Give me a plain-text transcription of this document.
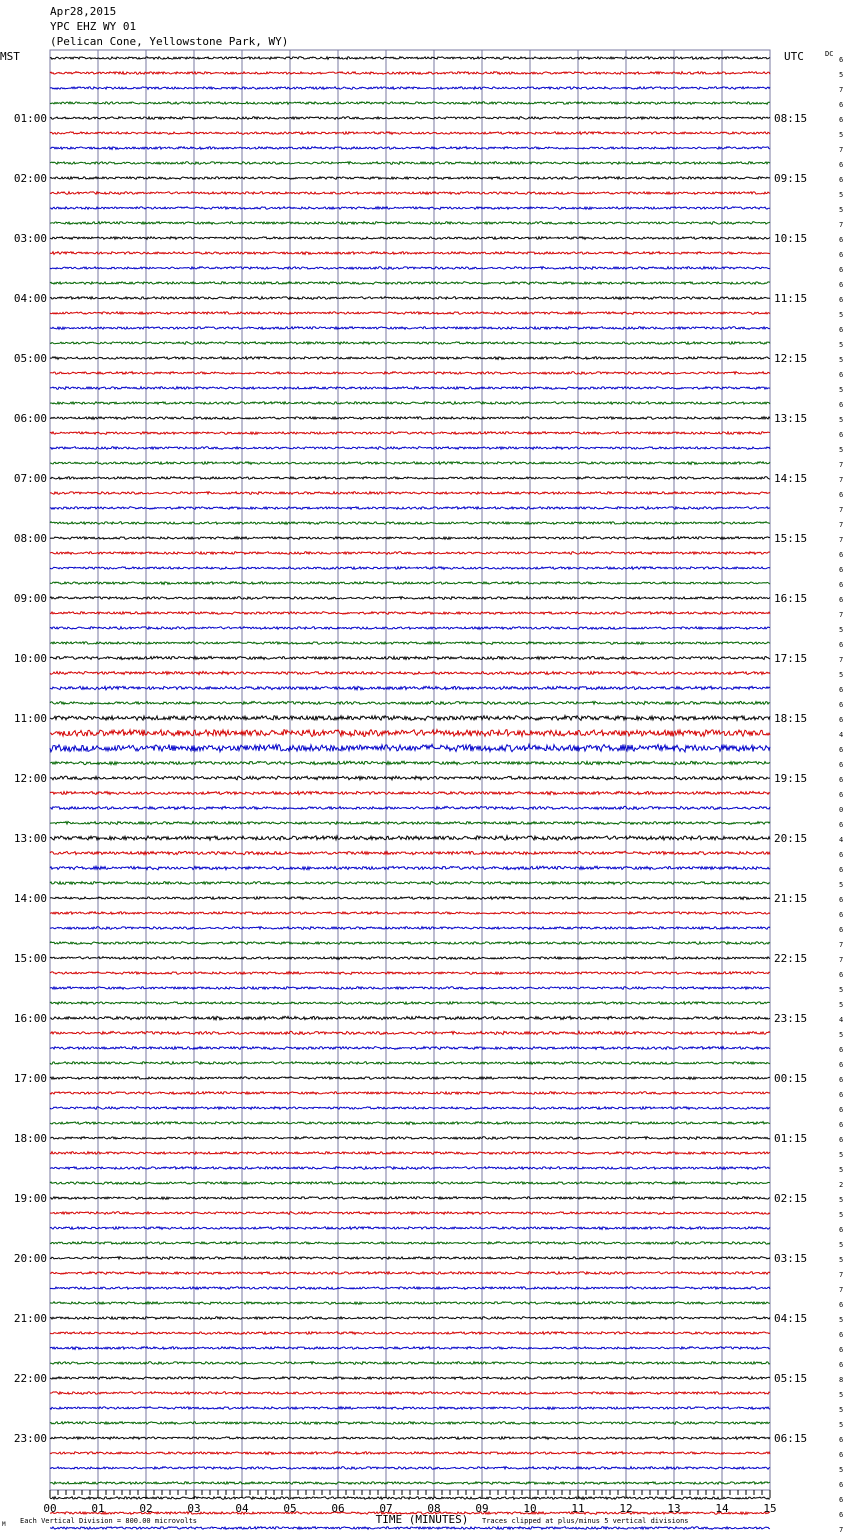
Apr28,2015
YPC EHZ WY 01
(Pelican Cone, Yellowstone Park, WY)
6
5
7
6
6
5
7
6
6
5
5
7
6
6
6
6
6
5
6
5
5
6
5
6
5
6
5
7
7
6
7
7
7
6
6
6
6
7
5
6
7
5
6
6
6
4
6
6
6
6
0
6
4
6
6
5
6
6
6
7
7
6
5
5
4
5
6
6
6
6
6
6
6
5
5
2
5
5
6
5
5
7
7
6
5
6
6
6
8
5
5
5
6
6
5
6
6
6
7
MST	UTC	DC
01:00
02:00
03:00
04:00
05:00
06:00
07:00
08:00
09:00
10:00
11:00
12:00
13:00
14:00
15:00
16:00
17:00
18:00
19:00
20:00
21:00
22:00
23:00
08:15
09:15
10:15
11:15
12:15
13:15
14:15
15:15
16:15
17:15
18:15
19:15
20:15
21:15
22:15
23:15
00:15
01:15
02:15
03:15
04:15
05:15
06:15
00	01	02	03	04	05	06	07	08	09	10	11	12	13	14	15
M Each Vertical Division = 800.00 microvolts	TIME (MINUTES) Traces clipped at plus/minus 5 vertical divisions
